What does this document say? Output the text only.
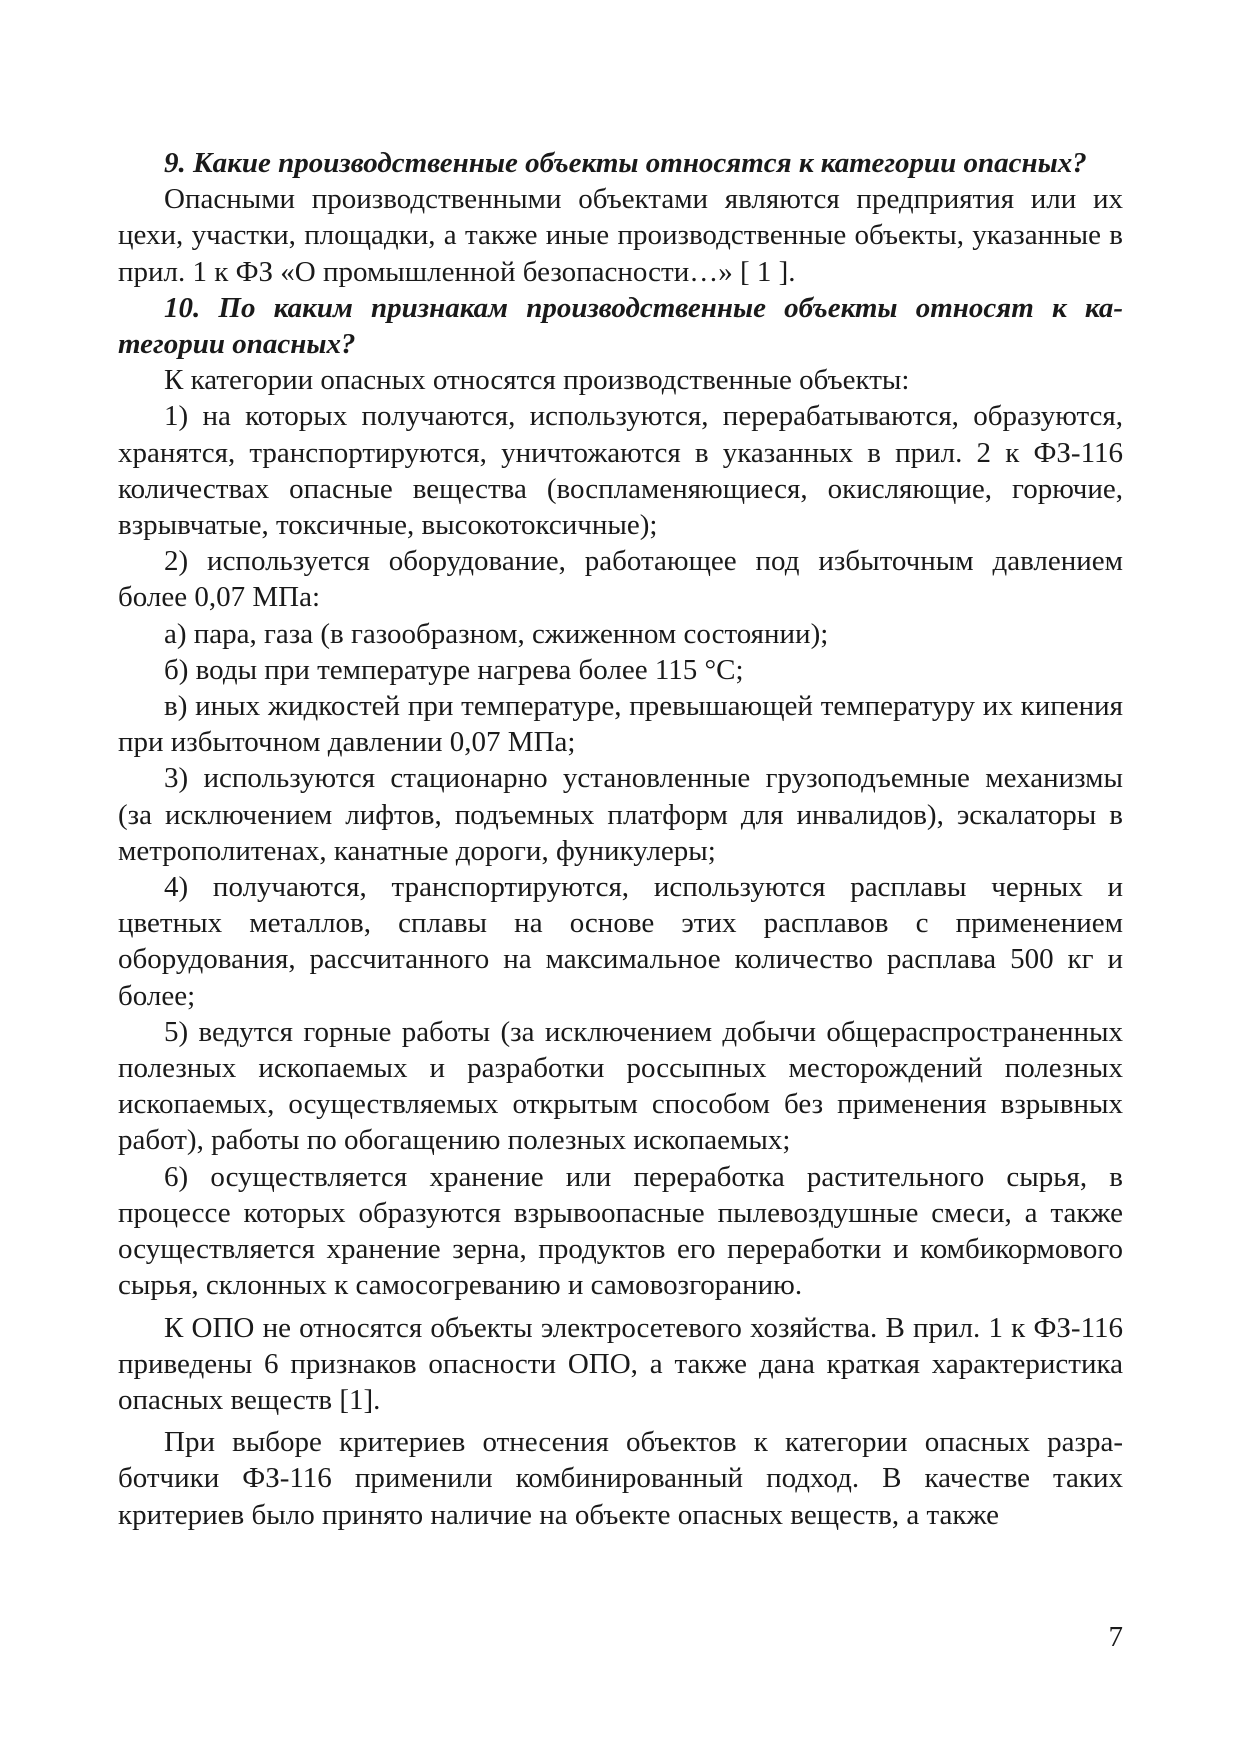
9. Какие производственные объекты относятся к категории опасных?

Опасными производственными объектами являются предприятия или их цехи, участки, площадки, а также иные производственные объекты, указанные в прил. 1 к ФЗ «О промышленной безопасности…» [ 1 ].

10. По каким признакам производственные объекты относят к категории опасных?

К категории опасных относятся производственные объекты:

1) на которых получаются, используются, перерабатываются, образуются, хранятся, транспортируются, уничтожаются в указанных в прил. 2 к ФЗ-116 количествах опасные вещества (воспламеняющиеся, окисляющие, горючие, взрывчатые, токсичные, высокотоксичные);

2) используется оборудование, работающее под избыточным давлением более 0,07 МПа:

а) пара, газа (в газообразном, сжиженном состоянии);

б) воды при температуре нагрева более 115 °С;

в) иных жидкостей при температуре, превышающей температуру их кипения при избыточном давлении 0,07 МПа;

3) используются стационарно установленные грузоподъемные механизмы (за исключением лифтов, подъемных платформ для инвалидов), эскалаторы в метрополитенах, канатные дороги, фуникулеры;

4) получаются, транспортируются, используются расплавы черных и цветных металлов, сплавы на основе этих расплавов с применением оборудования, рассчитанного на максимальное количество расплава 500 кг и более;

5) ведутся горные работы (за исключением добычи общераспространенных полезных ископаемых и разработки россыпных месторождений полезных ископаемых, осуществляемых открытым способом без применения взрывных работ), работы по обогащению полезных ископаемых;

6) осуществляется хранение или переработка растительного сырья, в процессе которых образуются взрывоопасные пылевоздушные смеси, а также осуществляется хранение зерна, продуктов его переработки и комбикормового сырья, склонных к самосогреванию и самовозгоранию.

К ОПО не относятся объекты электросетевого хозяйства. В прил. 1 к ФЗ-116 приведены 6 признаков опасности ОПО, а также дана краткая характеристика опасных веществ [1].

При выборе критериев отнесения объектов к категории опасных разработчики ФЗ-116 применили комбинированный подход. В качестве таких критериев было принято наличие на объекте опасных веществ, а также

7
